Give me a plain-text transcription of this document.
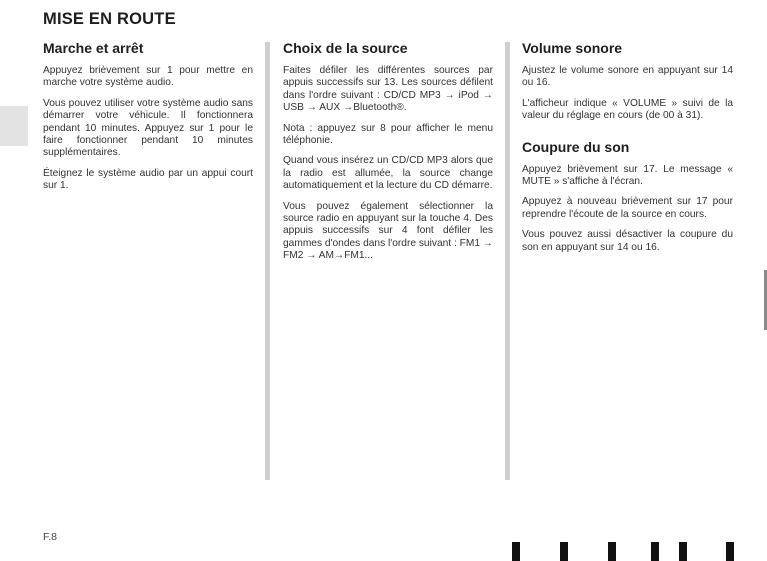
MISE EN ROUTE
Marche et arrêt

Appuyez brièvement sur 1 pour mettre en marche votre système audio.

Vous pouvez utiliser votre système audio sans démarrer votre véhicule. Il fonctionnera pendant 10 minutes. Appuyez sur 1 pour le faire fonctionner pendant 10 minutes supplémentaires.

Éteignez le système audio par un appui court sur 1.

Choix de la source

Faites défiler les différentes sources par appuis successifs sur 13. Les sources défilent dans l'ordre suivant : CD/CD MP3 → iPod → USB → AUX →Bluetooth®.

Nota : appuyez sur 8 pour afficher le menu téléphonie.

Quand vous insérez un CD/CD MP3 alors que la radio est allumée, la source change automatiquement et la lecture du CD démarre.

Vous pouvez également sélectionner la source radio en appuyant sur la touche 4. Des appuis successifs sur 4 font défiler les gammes d'ondes dans l'ordre suivant : FM1 → FM2 → AM→FM1...

Volume sonore

Ajustez le volume sonore en appuyant sur 14 ou 16.

L'afficheur indique « VOLUME » suivi de la valeur du réglage en cours (de 00 à 31).

Coupure du son

Appuyez brièvement sur 17. Le message « MUTE » s'affiche à l'écran.

Appuyez à nouveau brièvement sur 17 pour reprendre l'écoute de la source en cours.

Vous pouvez aussi désactiver la coupure du son en appuyant sur 14 ou 16.

F.8
